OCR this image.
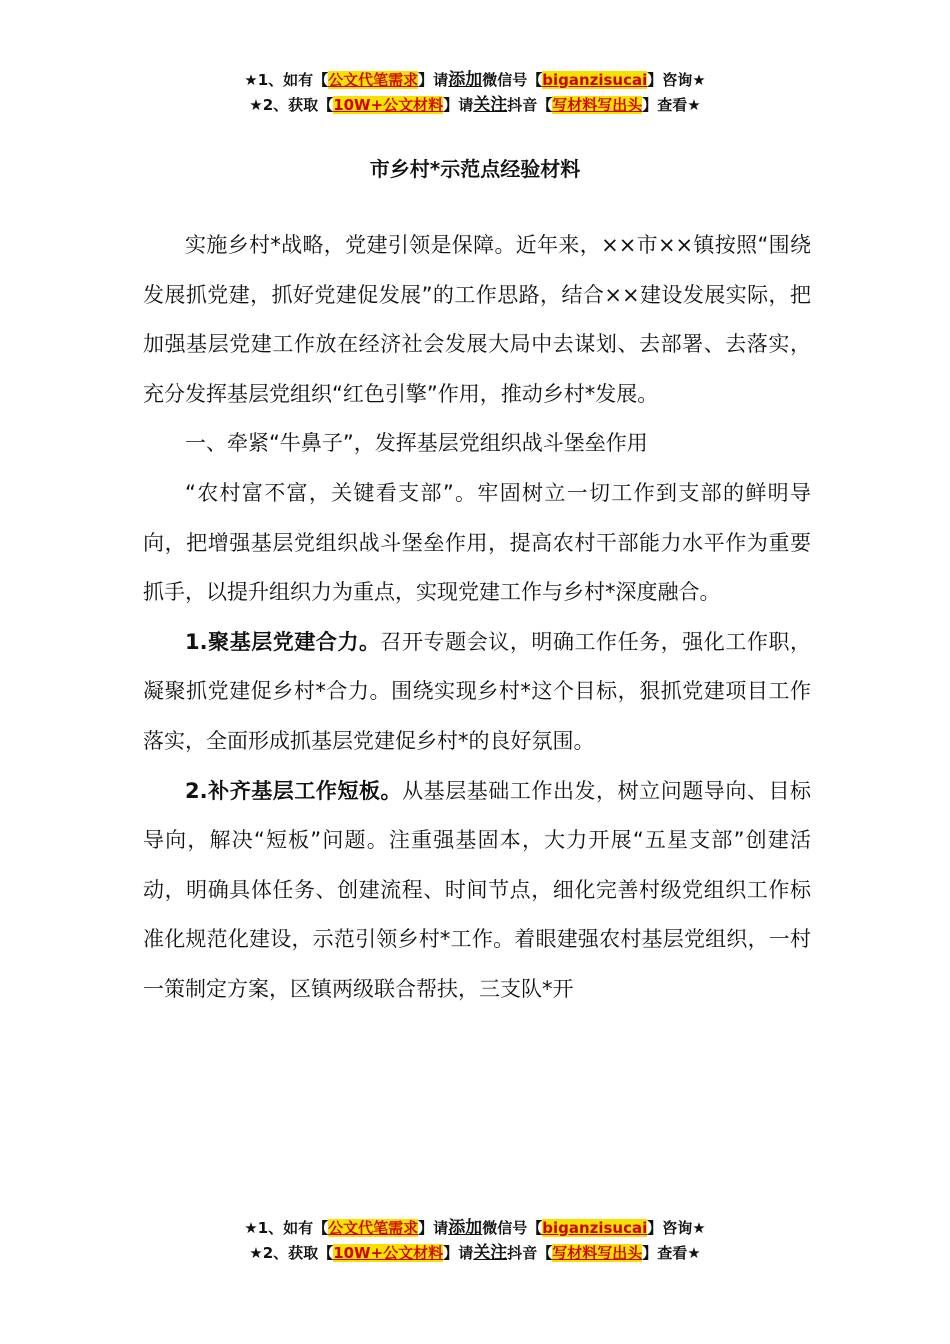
★1、如有【公文代笔需求】请添加微信号【biganzisucai】咨询★
★2、获取【10W+公文材料】请关注抖音【写材料写出头】查看★
市乡村*示范点经验材料

实施乡村*战略，党建引领是保障。近年来，××市××镇按照“围绕发展抓党建，抓好党建促发展”的工作思路，结合××建设发展实际，把加强基层党建工作放在经济社会发展大局中去谋划、去部署、去落实，充分发挥基层党组织“红色引擎”作用，推动乡村*发展。

一、牵紧“牛鼻子”，发挥基层党组织战斗堡垒作用

“农村富不富，关键看支部”。牢固树立一切工作到支部的鲜明导向，把增强基层党组织战斗堡垒作用，提高农村干部能力水平作为重要抓手，以提升组织力为重点，实现党建工作与乡村*深度融合。

1.聚基层党建合力。召开专题会议，明确工作任务，强化工作职，凝聚抓党建促乡村*合力。围绕实现乡村*这个目标，狠抓党建项目工作落实，全面形成抓基层党建促乡村*的良好氛围。

2.补齐基层工作短板。从基层基础工作出发，树立问题导向、目标导向，解决“短板”问题。注重强基固本，大力开展“五星支部”创建活动，明确具体任务、创建流程、时间节点，细化完善村级党组织工作标准化规范化建设，示范引领乡村*工作。着眼建强农村基层党组织，一村一策制定方案，区镇两级联合帮扶，三支队*开

★1、如有【公文代笔需求】请添加微信号【biganzisucai】咨询★
★2、获取【10W+公文材料】请关注抖音【写材料写出头】查看★
